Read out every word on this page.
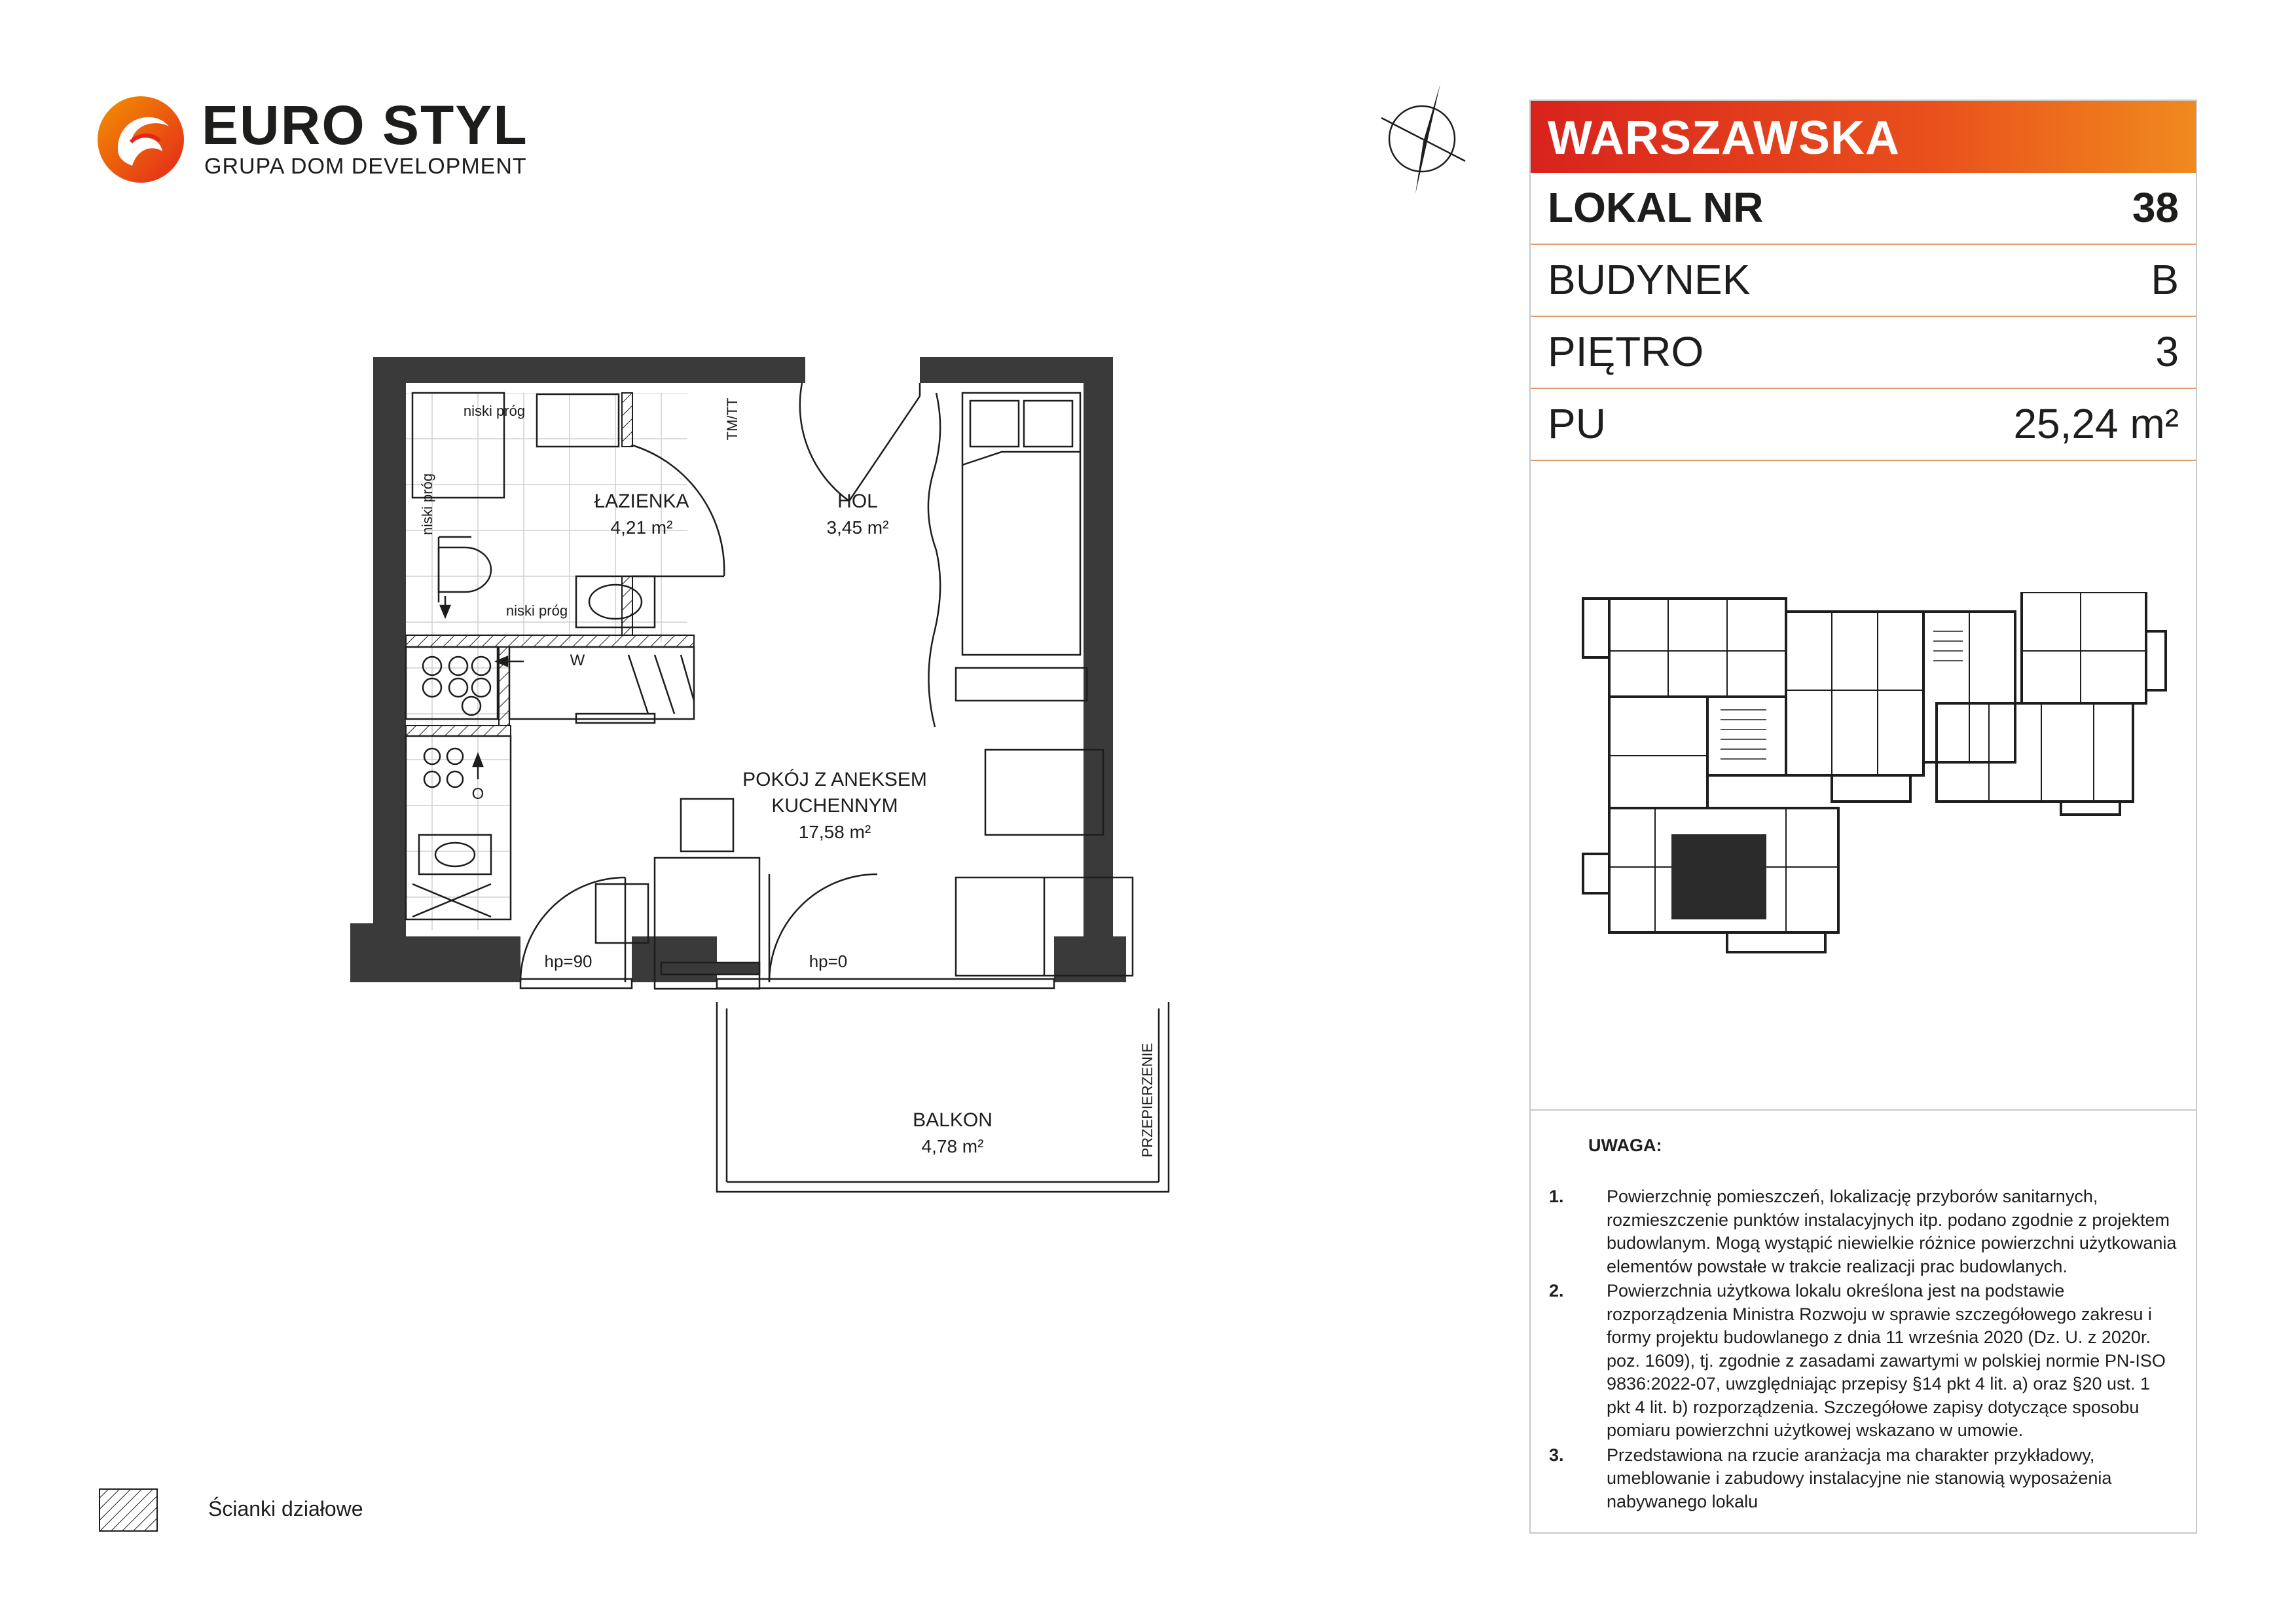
EURO STYL
GRUPA DOM DEVELOPMENT
WARSZAWSKA
LOKAL NR	38
BUDYNEK	B
PIĘTRO	3
PU	25,24 m²
UWAGA:
1. Powierzchnię pomieszczeń, lokalizację przyborów sanitarnych, rozmieszczenie punktów instalacyjnych itp. podano zgodnie z projektem budowlanym. Mogą wystąpić niewielkie różnice powierzchni użytkowania elementów powstałe w trakcie realizacji prac budowlanych.
2. Powierzchnia użytkowa lokalu określona jest na podstawie rozporządzenia Ministra Rozwoju w sprawie szczegółowego zakresu i formy projektu budowlanego z dnia 11 września 2020 (Dz. U. z 2020r. poz. 1609), tj. zgodnie z zasadami zawartymi w polskiej normie PN-ISO 9836:2022-07, uwzględniając przepisy §14 pkt 4 lit. a) oraz §20 ust. 1 pkt 4 lit. b) rozporządzenia. Szczegółowe zapisy dotyczące sposobu pomiaru powierzchni użytkowej wskazano w umowie.
3. Przedstawiona na rzucie aranżacja ma charakter przykładowy, umeblowanie i zabudowy instalacyjne nie stanowią wyposażenia nabywanego lokalu
ŁAZIENKA
4,21 m²
HOL
3,45 m²
POKÓJ Z ANEKSEM
KUCHENNYM
17,58 m²
BALKON
4,78 m²
niski próg
niski próg
hp=90	hp=0
W
O
niski próg
TM/TT
PRZEPIERZENIE
Ścianki działowe
